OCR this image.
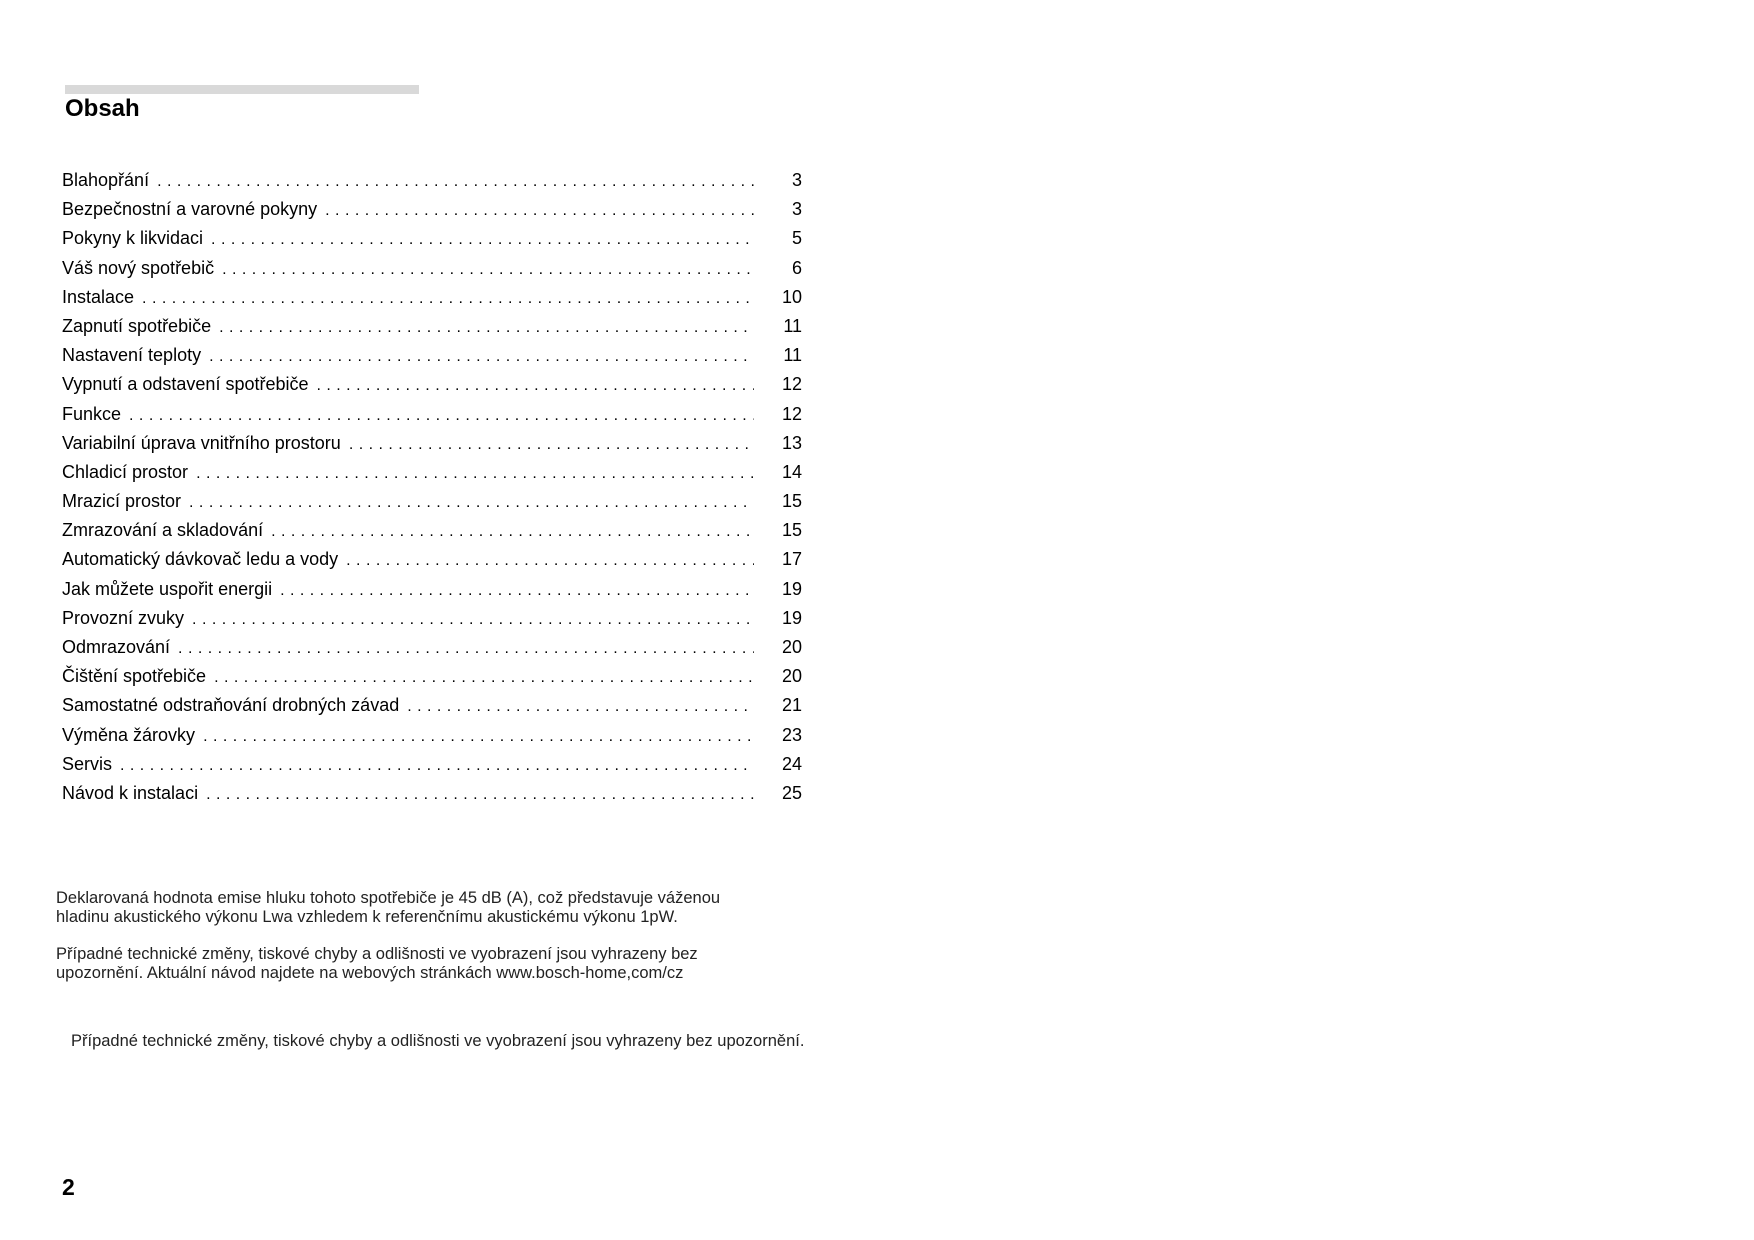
Obsah
Blahopřání . . .	3
Bezpečnostní a varovné pokyny . . .	3
Pokyny k likvidaci . . .	5
Váš nový spotřebič . . .	6
Instalace . . .	10
Zapnutí spotřebiče . . .	11
Nastavení teploty . . .	11
Vypnutí a odstavení spotřebiče . . .	12
Funkce . . .	12
Variabilní úprava vnitřního prostoru . . .	13
Chladicí prostor . . .	14
Mrazicí prostor . . .	15
Zmrazování a skladování . . .	15
Automatický dávkovač ledu a vody . . .	17
Jak můžete uspořit energii . . .	19
Provozní zvuky . . .	19
Odmrazování . . .	20
Čištění spotřebiče . . .	20
Samostatné odstraňování drobných závad . . .	21
Výměna žárovky . . .	23
Servis . . .	24
Návod k instalaci . . .	25

Deklarovaná hodnota emise hluku tohoto spotřebiče je 45 dB (A), což představuje váženou
hladinu akustického výkonu Lwa vzhledem k referenčnímu akustickému výkonu 1pW.

Případné technické změny, tiskové chyby a odlišnosti ve vyobrazení jsou vyhrazeny bez
upozornění. Aktuální návod najdete na webových stránkách www.bosch-home,com/cz

Případné technické změny, tiskové chyby a odlišnosti ve vyobrazení jsou vyhrazeny bez upozornění.

2
